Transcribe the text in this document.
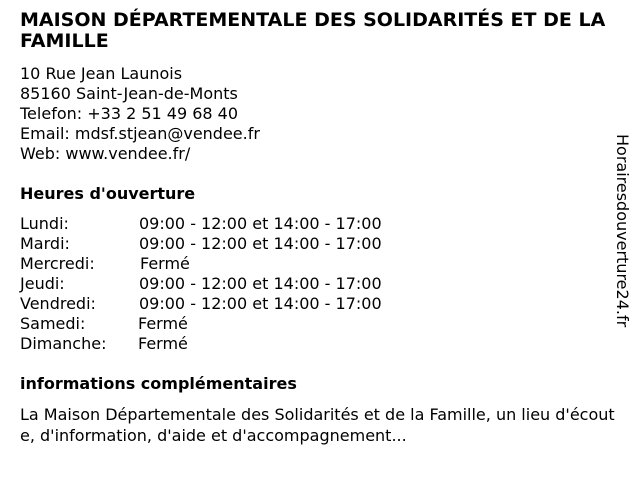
MAISON DÉPARTEMENTALE DES SOLIDARITÉS ET DE LA FAMILLE
10 Rue Jean Launois
85160 Saint-Jean-de-Monts
Telefon: +33 2 51 49 68 40
Email: mdsf.stjean@vendee.fr
Web: www.vendee.fr/
Heures d'ouverture
Lundi:	09:00 - 12:00 et 14:00 - 17:00
Mardi:	09:00 - 12:00 et 14:00 - 17:00
Mercredi:	Fermé
Jeudi:	09:00 - 12:00 et 14:00 - 17:00
Vendredi:	09:00 - 12:00 et 14:00 - 17:00
Samedi:	Fermé
Dimanche: Fermé
informations complémentaires

La Maison Départementale des Solidarités et de la Famille, un lieu d'écoute, d'information, d'aide et d'accompagnement...

Horairesdouverture24.fr
